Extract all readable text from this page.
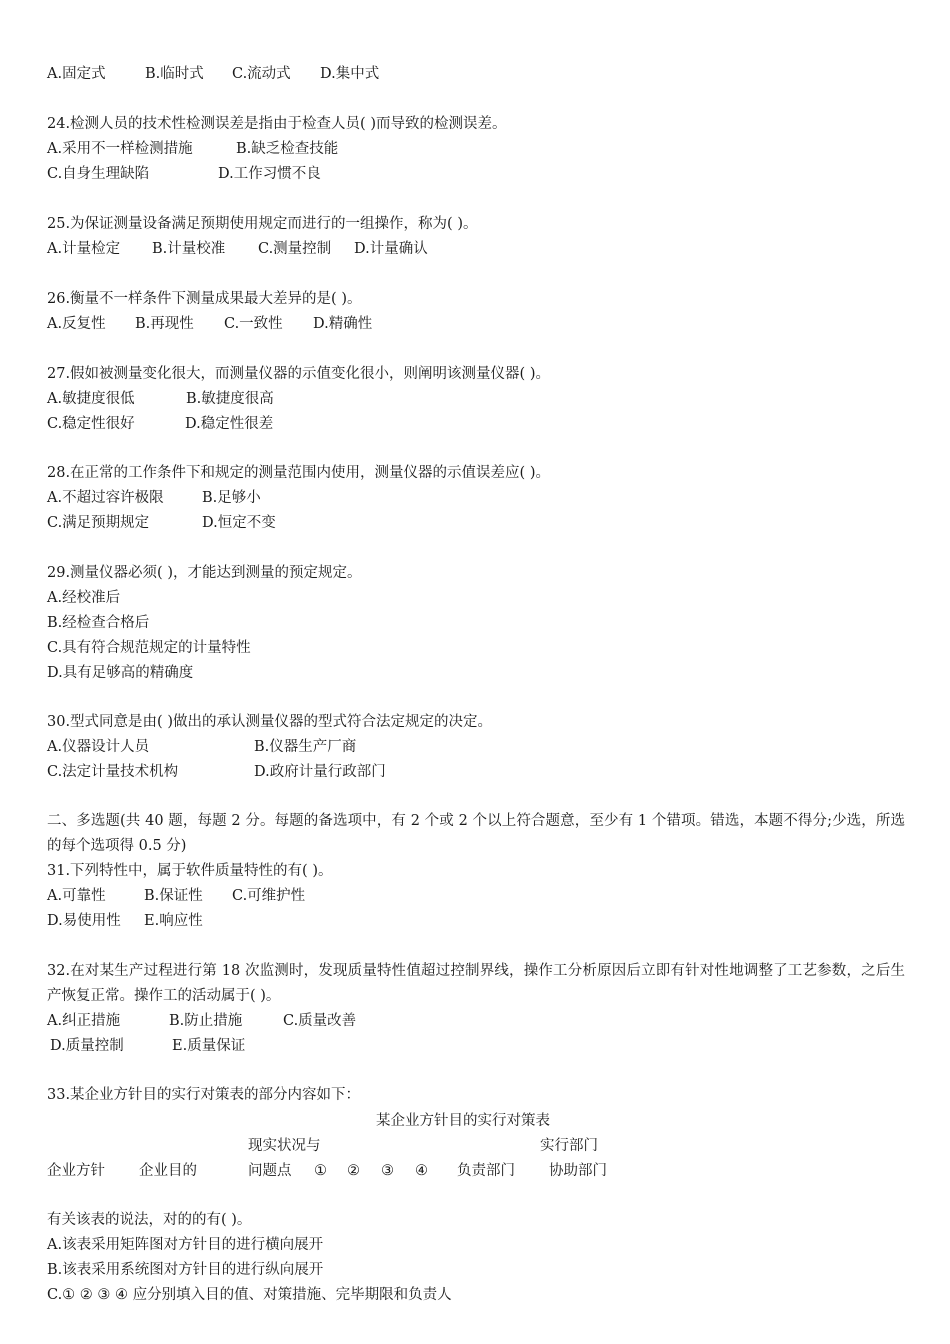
A.固定式	B.临时式 C.流动式 D.集中式
24.检测人员的技术性检测误差是指由于检查人员( )而导致的检测误差。
A.采用不一样检测措施	B.缺乏检查技能
C.自身生理缺陷	D.工作习惯不良
25.为保证测量设备满足预期使用规定而进行的一组操作，称为( )。
A.计量检定 B.计量校准 C.测量控制 D.计量确认
26.衡量不一样条件下测量成果最大差异的是( )。
A.反复性 B.再现性 C.一致性 D.精确性
27.假如被测量变化很大，而测量仪器的示值变化很小，则阐明该测量仪器( )。
A.敏捷度很低	B.敏捷度很高
C.稳定性很好	D.稳定性很差
28.在正常的工作条件下和规定的测量范围内使用，测量仪器的示值误差应( )。
A.不超过容许极限	B.足够小
C.满足预期规定	D.恒定不变
29.测量仪器必须( )，才能达到测量的预定规定。
A.经校准后
B.经检查合格后
C.具有符合规范规定的计量特性
D.具有足够高的精确度
30.型式同意是由( )做出的承认测量仪器的型式符合法定规定的决定。
A.仪器设计人员	B.仪器生产厂商
C.法定计量技术机构	D.政府计量行政部门
二、多选题(共 40 题，每题 2 分。每题的备选项中，有 2 个或 2 个以上符合题意，至少有 1 个错项。错选，本题不得分;少选，所选的每个选项得 0.5 分)
31.下列特性中，属于软件质量特性的有( )。
A.可靠性	B.保证性 C.可维护性
D.易使用性 E.响应性
32.在对某生产过程进行第 18 次监测时，发现质量特性值超过控制界线，操作工分析原因后立即有针对性地调整了工艺参数，之后生产恢复正常。操作工的活动属于( )。
A.纠正措施	B.防止措施	C.质量改善
D.质量控制	E.质量保证
33.某企业方针目的实行对策表的部分内容如下：
某企业方针目的实行对策表
现实状况与	实行部门
企业方针 企业目的	问题点 ① ② ③ ④ 负责部门 协助部门
有关该表的说法，对的的有( )。
A.该表采用矩阵图对方针目的进行横向展开
B.该表采用系统图对方针目的进行纵向展开
C.① ② ③ ④ 应分别填入目的值、对策措施、完毕期限和负责人
